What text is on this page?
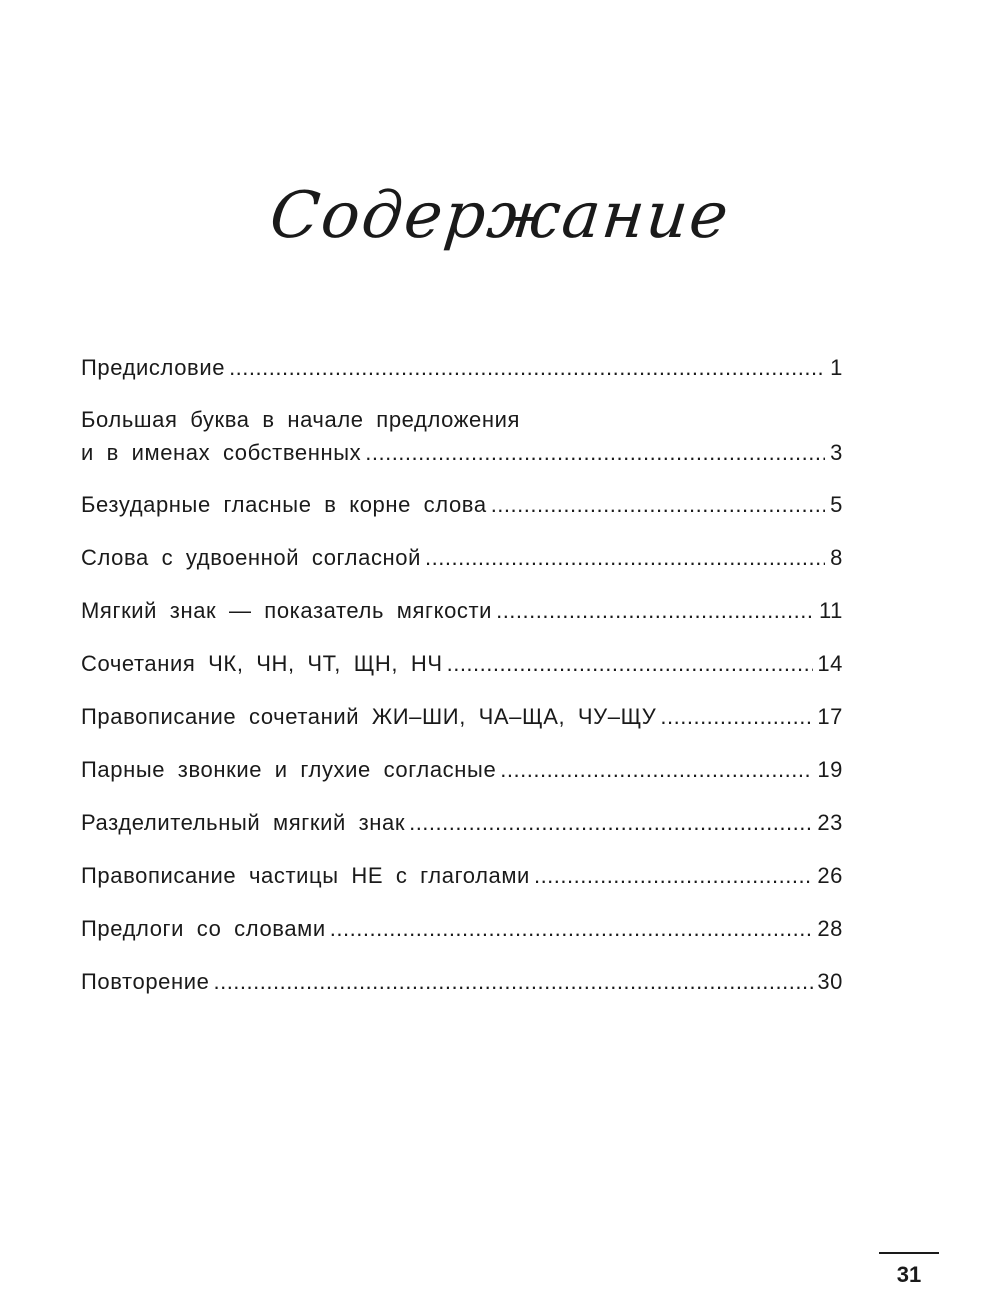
Содержание
Предисловие .....	1
Большая буква в начале предложения
и в именах собственных .....	3
Безударные гласные в корне слова .....	5
Слова с удвоенной согласной .....	8
Мягкий знак — показатель мягкости .....	11
Сочетания ЧК, ЧН, ЧТ, ЩН, НЧ .....	14
Правописание сочетаний ЖИ–ШИ, ЧА–ЩА, ЧУ–ЩУ .....	17
Парные звонкие и глухие согласные .....	19
Разделительный мягкий знак .....	23
Правописание частицы НЕ с глаголами .....	26
Предлоги со словами .....	28
Повторение .....	30
31
